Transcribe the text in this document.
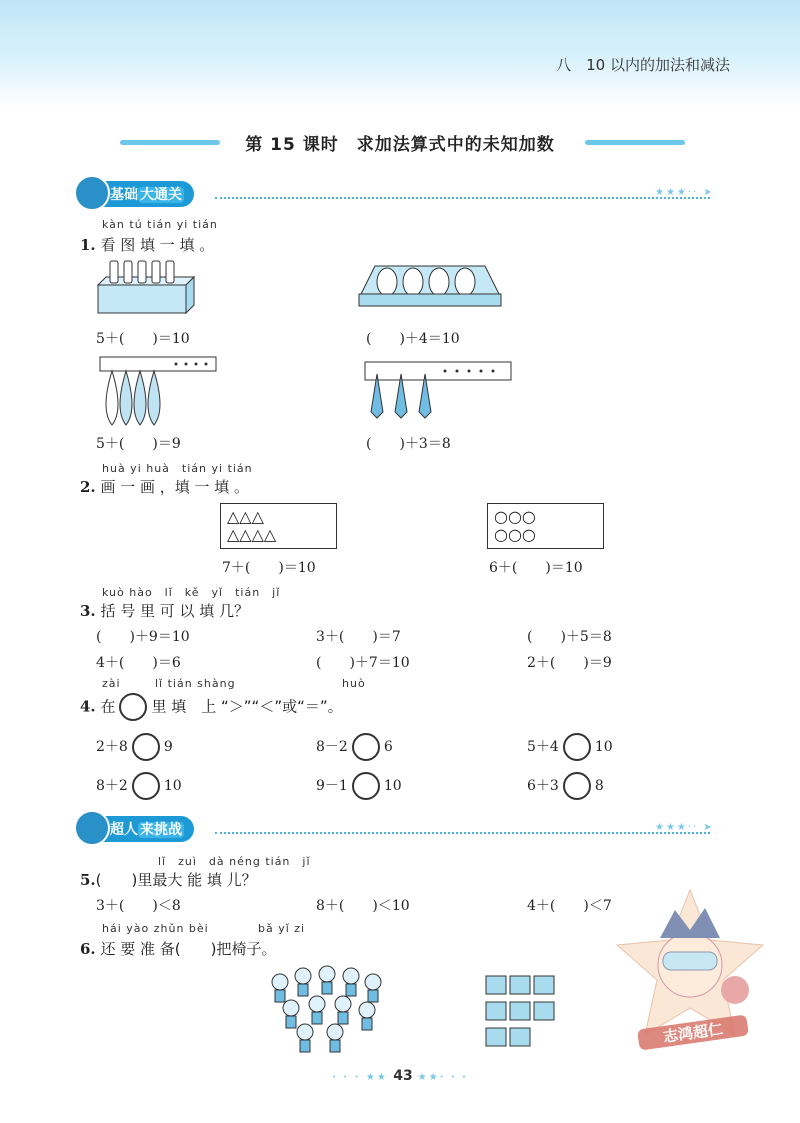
八　10 以内的加法和减法
第 15 课时　求加法算式中的未知加数
基础 大通关	★★★·· ➤
kàn tú tián yi tián
1. 看 图 填 一 填 。
5＋(　　)＝10	(　　)＋4＝10
5＋(　　)＝9	(　　)＋3＝8
huà yi huà　tián yi tián
2. 画 一 画 ，填 一 填 。
△△△
△△△△
○○○
○○○
7＋(　　)＝10	6＋(　　)＝10
kuò hào　lǐ　kě　yǐ　tián　jǐ
3. 括 号 里 可 以 填 几？
(　　)＋9＝10	3＋(　　)＝7	(　　)＋5＝8
4＋(　　)＝6	(　　)＋7＝10	2＋(　　)＝9
zài	lǐ tián shàng	huò
4. 在 里 填　上 “＞”“＜”或“＝”。
2＋8	9	8－2	6	5＋4	10
8＋2	10	9－1	10	6＋3	8
超人 来挑战	★★★·· ➤
lǐ　zuì　dà néng tián　jǐ
5.(　　)里最大 能 填 儿？
3＋(　　)＜8	8＋(　　)＜10	4＋(　　)＜7
hái yào zhǔn bèi	bǎ yǐ zi
6. 还 要 准 备(　　)把椅子。
志鸿超仁
· · · ★★ 43 ★★· · ·
